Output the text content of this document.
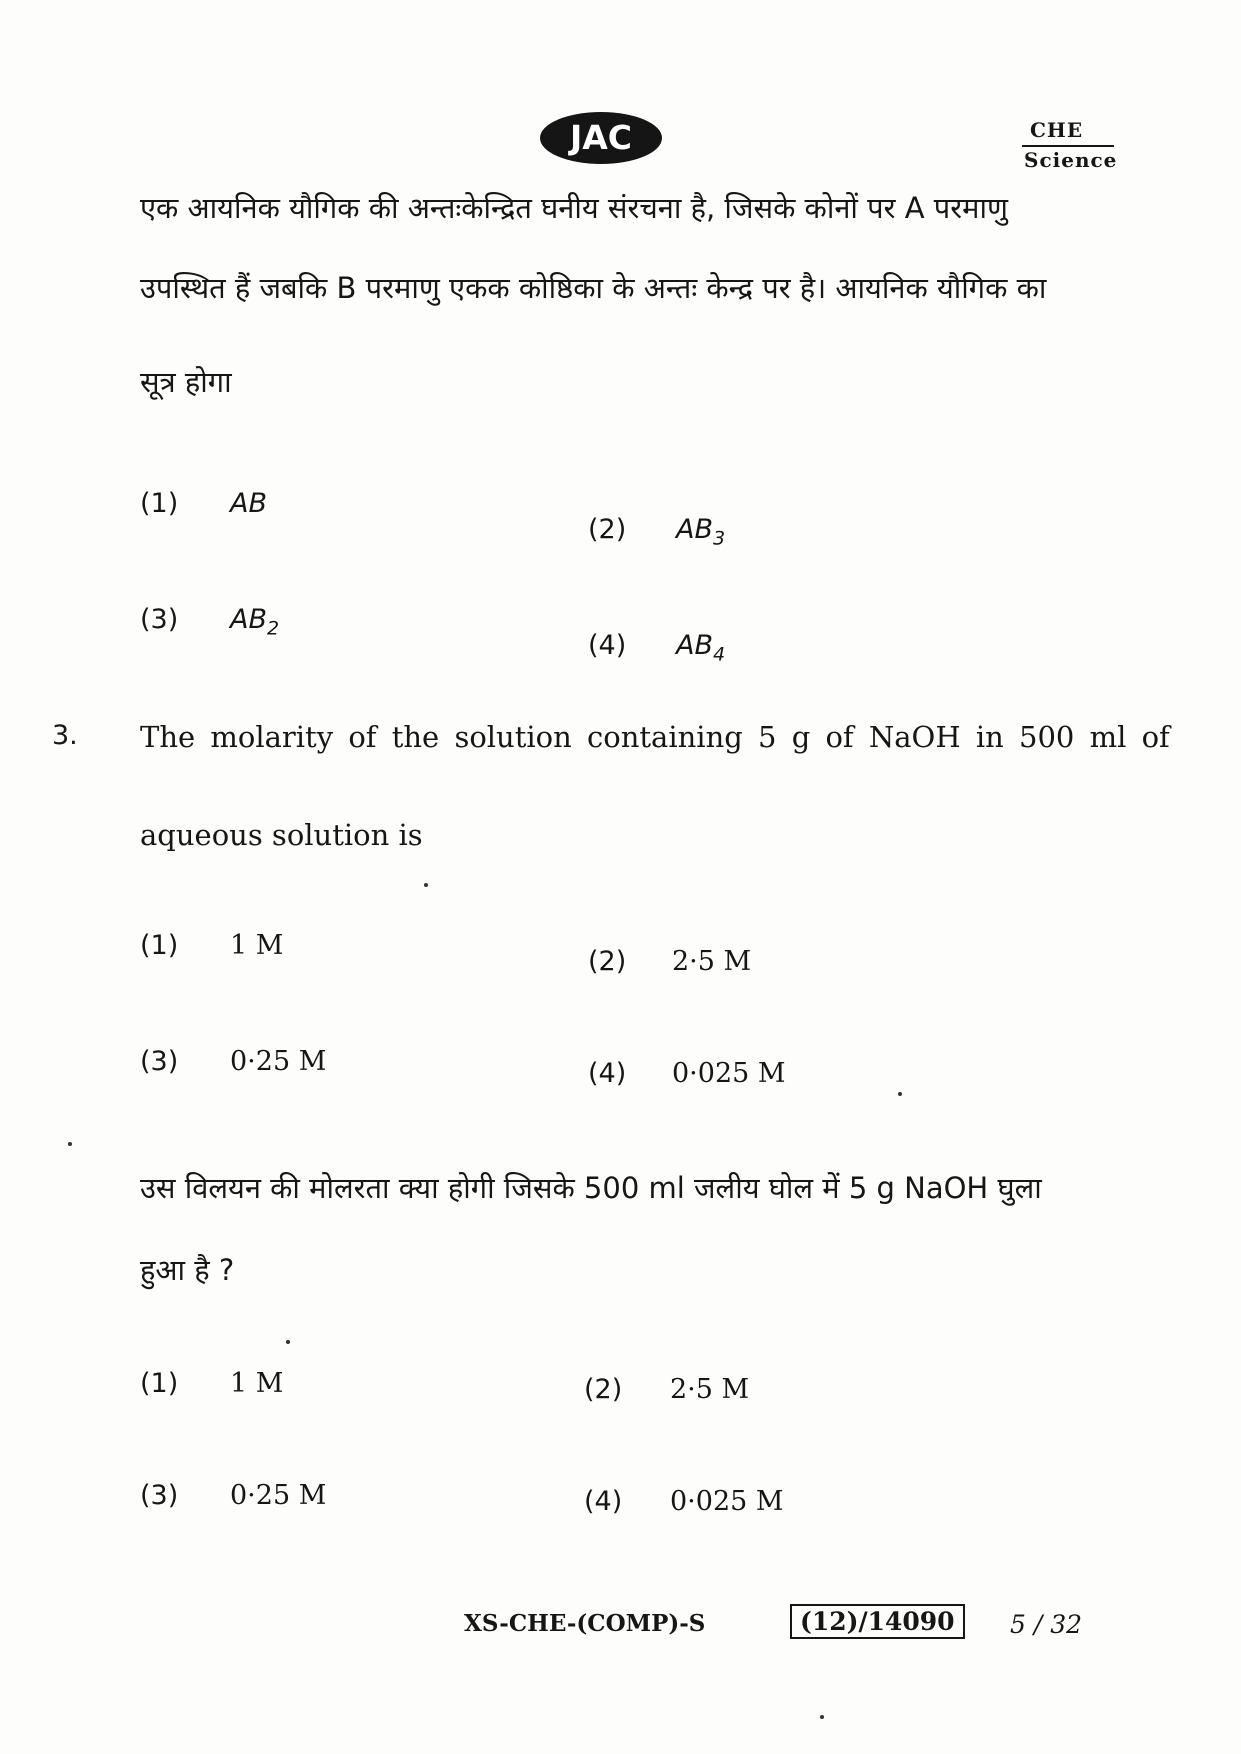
JAC	CHE
Science
एक आयनिक यौगिक की अन्तःकेन्द्रित घनीय संरचना है, जिसके कोनों पर A परमाणु
उपस्थित हैं जबकि B परमाणु एकक कोष्ठिका के अन्तः केन्द्र पर है। आयनिक यौगिक का
सूत्र होगा
(1) AB
(2) $AB_3$
(3) $AB_2$
(4) $AB_4$
3. The molarity of the solution containing 5 g of NaOH in 500 ml of
aqueous solution is
(1) 1 M
(2) 2·5 M
(3) 0·25 M	(4) 0·025 M
उस विलयन की मोलरता क्या होगी जिसके 500 ml जलीय घोल में 5 g NaOH घुला
हुआ है ?
(1) 1 M	(2) 2·5 M
(3) 0·25 M	(4) 0·025 M
XS-CHE-(COMP)-S	(12)/14090	5 / 32
